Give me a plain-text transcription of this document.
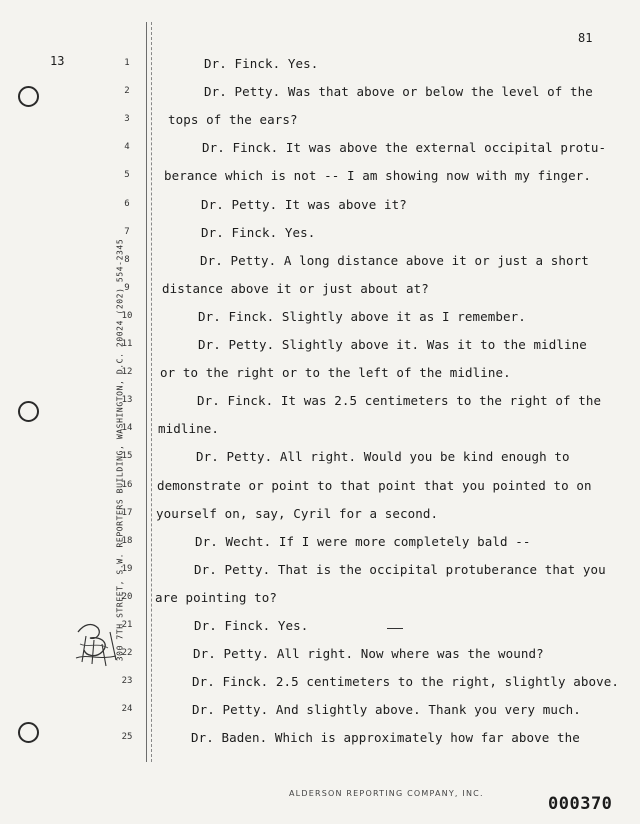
81
13
300 7TH STREET, S.W. REPORTERS BUILDING, WASHINGTON, D.C. 20024 (202) 554-2345
1	Dr. Finck. Yes.
2	Dr. Petty. Was that above or below the level of the
3	tops of the ears?
4	Dr. Finck. It was above the external occipital protu-
5	berance which is not -- I am showing now with my finger.
6	Dr. Petty. It was above it?
7	Dr. Finck. Yes.
8	Dr. Petty. A long distance above it or just a short
9	distance above it or just about at?
10	Dr. Finck. Slightly above it as I remember.
11	Dr. Petty. Slightly above it. Was it to the midline
12	or to the right or to the left of the midline.
13	Dr. Finck. It was 2.5 centimeters to the right of the
14	midline.
15	Dr. Petty. All right. Would you be kind enough to
16	demonstrate or point to that point that you pointed to on
17	yourself on, say, Cyril for a second.
18	Dr. Wecht. If I were more completely bald --
19	Dr. Petty. That is the occipital protuberance that you
20	are pointing to?
21	Dr. Finck. Yes.
22	Dr. Petty. All right. Now where was the wound?
23	Dr. Finck. 2.5 centimeters to the right, slightly above.
24	Dr. Petty. And slightly above. Thank you very much.
25	Dr. Baden. Which is approximately how far above the
ALDERSON REPORTING COMPANY, INC.
000370
